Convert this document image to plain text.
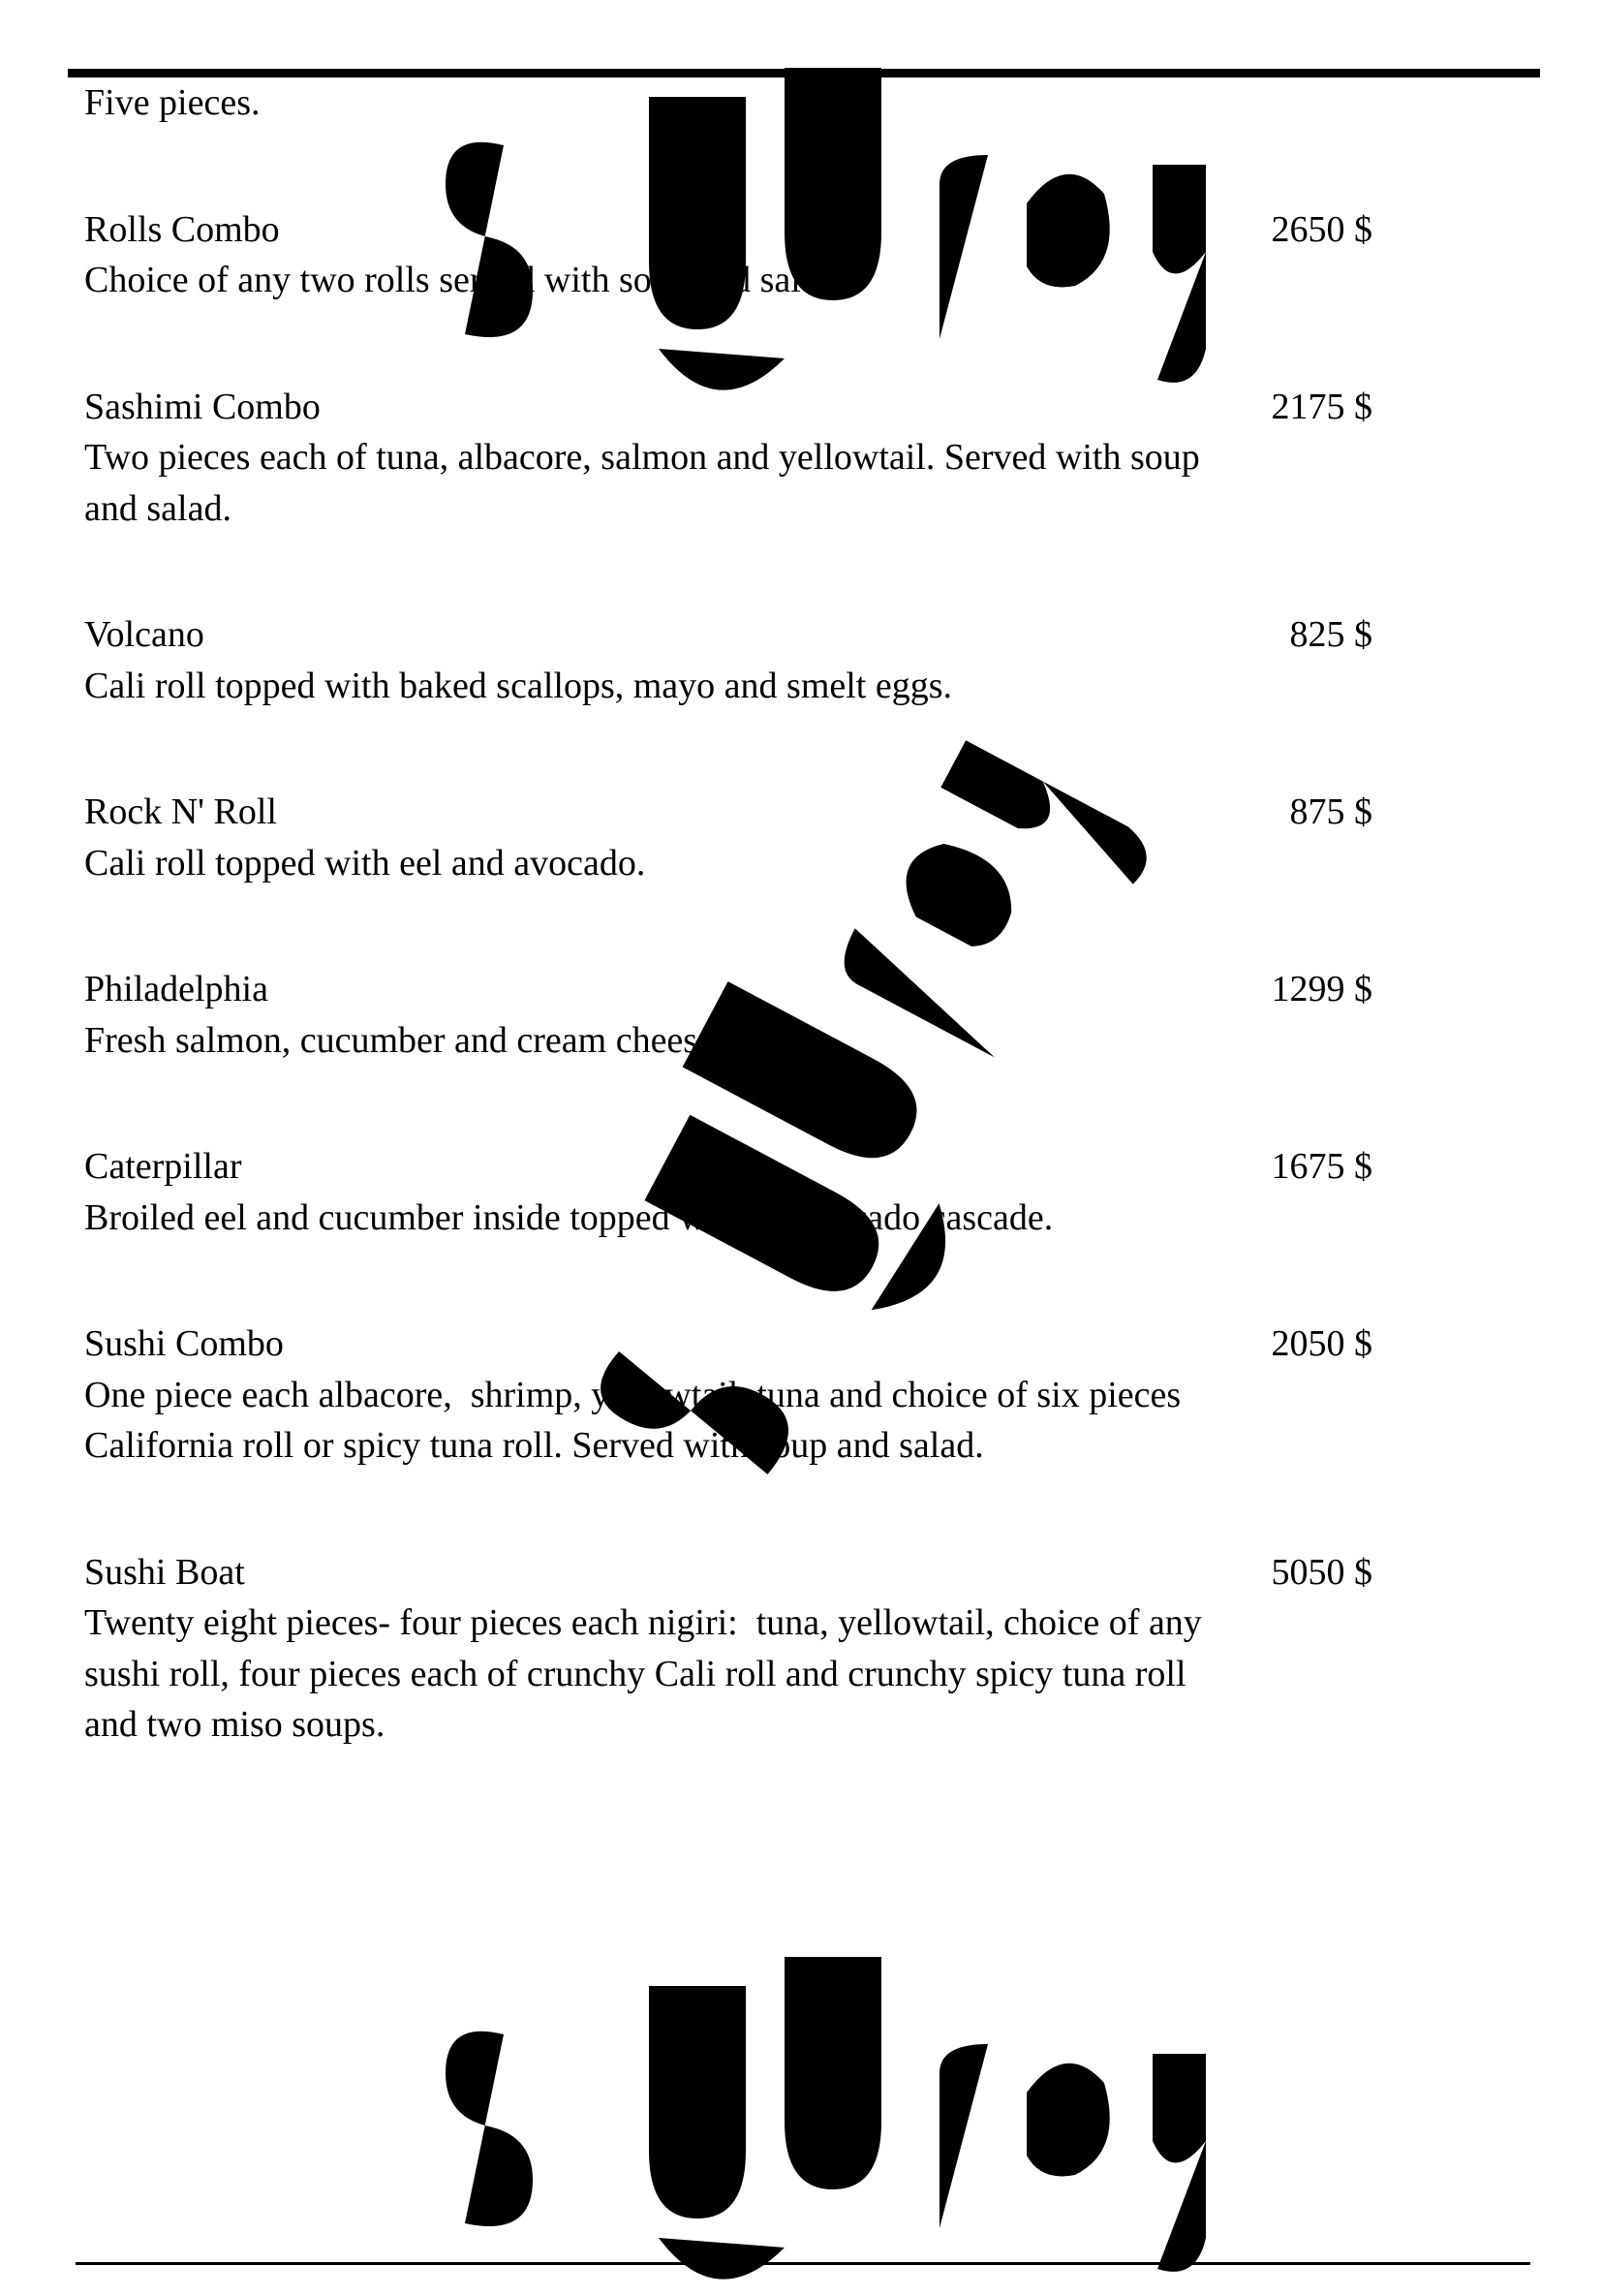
Five pieces.
Rolls Combo	2650 $
Choice of any two rolls served with soup and salad.
Sashimi Combo	2175 $
Two pieces each of tuna, albacore, salmon and yellowtail. Served with soup and salad.
Volcano	825 $
Cali roll topped with baked scallops, mayo and smelt eggs.
Rock N' Roll	875 $
Cali roll topped with eel and avocado.
Philadelphia	1299 $
Fresh salmon, cucumber and cream cheese.
Caterpillar	1675 $
Broiled eel and cucumber inside topped with an avocado cascade.
Sushi Combo	2050 $
One piece each albacore,  shrimp, yellowtail, tuna and choice of six pieces California roll or spicy tuna roll. Served with soup and salad.
Sushi Boat	5050 $
Twenty eight pieces- four pieces each nigiri:  tuna, yellowtail, choice of any sushi roll, four pieces each of crunchy Cali roll and crunchy spicy tuna roll and two miso soups.
